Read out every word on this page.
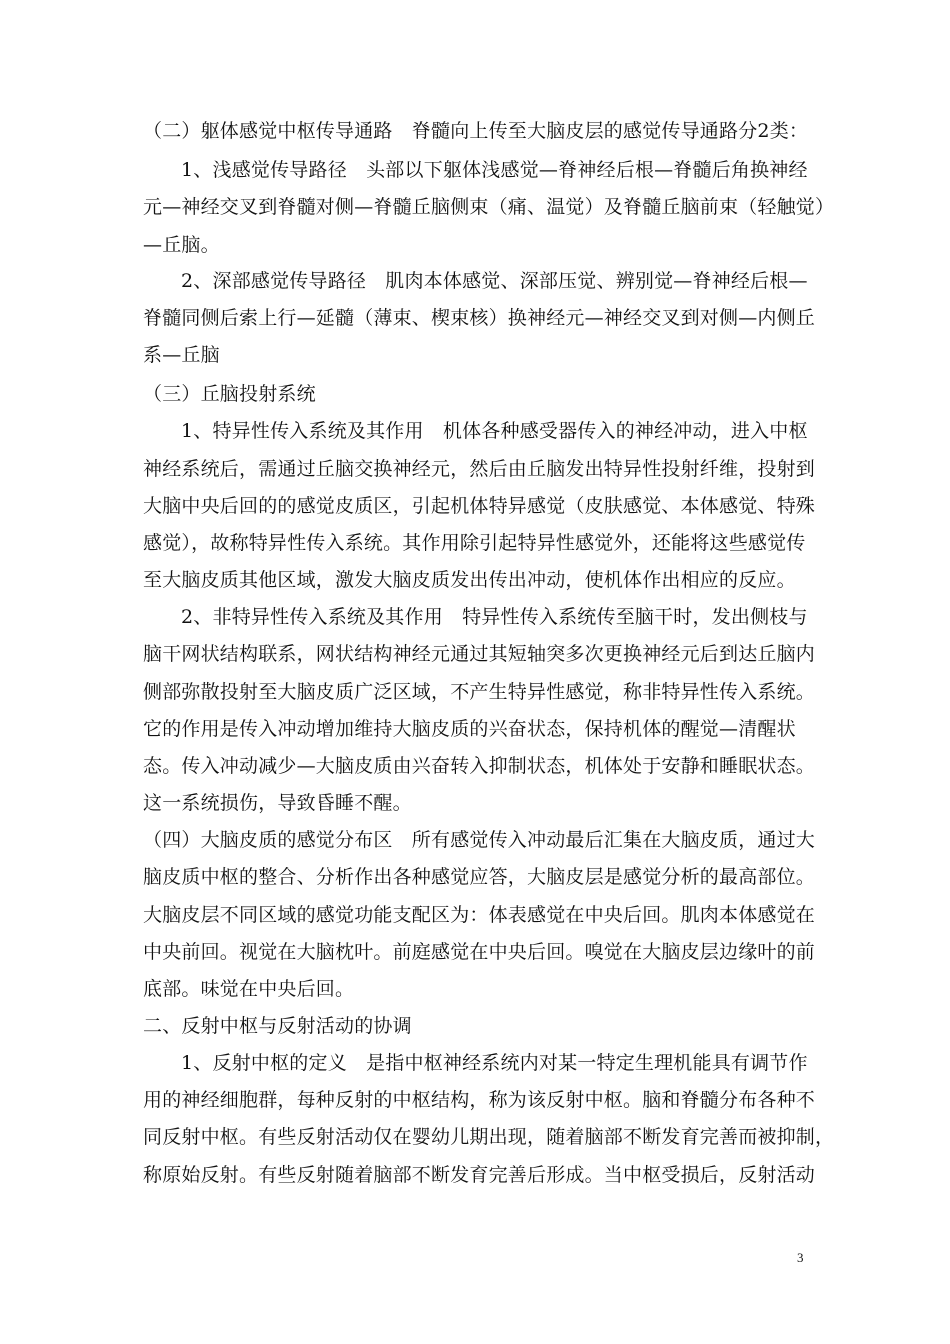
（二）躯体感觉中枢传导通路　脊髓向上传至大脑皮层的感觉传导通路分2类：
1、浅感觉传导路径　头部以下躯体浅感觉—脊神经后根—脊髓后角换神经
元—神经交叉到脊髓对侧—脊髓丘脑侧束（痛、温觉）及脊髓丘脑前束（轻触觉）
—丘脑。
2、深部感觉传导路径　肌肉本体感觉、深部压觉、辨别觉—脊神经后根—
脊髓同侧后索上行—延髓（薄束、楔束核）换神经元—神经交叉到对侧—内侧丘
系—丘脑
（三）丘脑投射系统
1、特异性传入系统及其作用　机体各种感受器传入的神经冲动，进入中枢
神经系统后，需通过丘脑交换神经元，然后由丘脑发出特异性投射纤维，投射到
大脑中央后回的的感觉皮质区，引起机体特异感觉（皮肤感觉、本体感觉、特殊
感觉），故称特异性传入系统。其作用除引起特异性感觉外，还能将这些感觉传
至大脑皮质其他区域，激发大脑皮质发出传出冲动，使机体作出相应的反应。
2、非特异性传入系统及其作用　特异性传入系统传至脑干时，发出侧枝与
脑干网状结构联系，网状结构神经元通过其短轴突多次更换神经元后到达丘脑内
侧部弥散投射至大脑皮质广泛区域，不产生特异性感觉，称非特异性传入系统。
它的作用是传入冲动增加维持大脑皮质的兴奋状态，保持机体的醒觉—清醒状
态。传入冲动减少—大脑皮质由兴奋转入抑制状态，机体处于安静和睡眠状态。
这一系统损伤，导致昏睡不醒。
（四）大脑皮质的感觉分布区　所有感觉传入冲动最后汇集在大脑皮质，通过大
脑皮质中枢的整合、分析作出各种感觉应答，大脑皮层是感觉分析的最高部位。
大脑皮层不同区域的感觉功能支配区为：体表感觉在中央后回。肌肉本体感觉在
中央前回。视觉在大脑枕叶。前庭感觉在中央后回。嗅觉在大脑皮层边缘叶的前
底部。味觉在中央后回。
二、反射中枢与反射活动的协调
1、反射中枢的定义　是指中枢神经系统内对某一特定生理机能具有调节作
用的神经细胞群，每种反射的中枢结构，称为该反射中枢。脑和脊髓分布各种不
同反射中枢。有些反射活动仅在婴幼儿期出现，随着脑部不断发育完善而被抑制，
称原始反射。有些反射随着脑部不断发育完善后形成。当中枢受损后，反射活动
3
